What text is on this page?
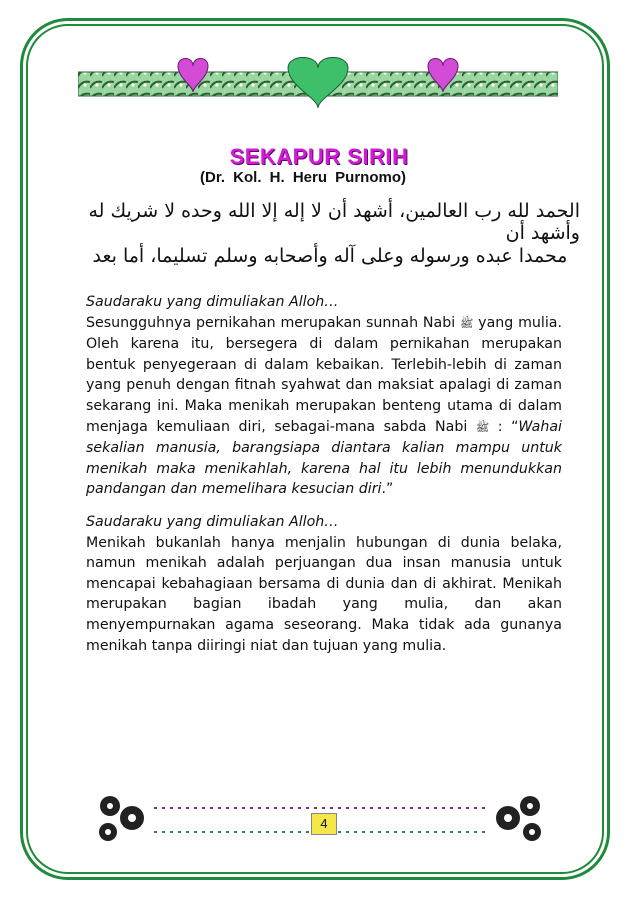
SEKAPUR SIRIH
(Dr. Kol. H. Heru Purnomo)
الحمد لله رب العالمين، أشهد أن لا إله إلا الله وحده لا شريك له وأشهد أن
محمدا عبده ورسوله وعلى آله وأصحابه وسلم تسليما، أما بعد

Saudaraku yang dimuliakan Alloh…
Sesungguhnya pernikahan merupakan sunnah Nabi ﷺ yang mulia. Oleh karena itu, bersegera di dalam pernikahan merupakan bentuk penyegeraan di dalam kebaikan. Terlebih-lebih di zaman yang penuh dengan fitnah syahwat dan maksiat apalagi di zaman sekarang ini. Maka menikah merupakan benteng utama di dalam menjaga kemuliaan diri, sebagai-mana sabda Nabi ﷺ : “Wahai sekalian manusia, barangsiapa diantara kalian mampu untuk menikah maka menikahlah, karena hal itu lebih menundukkan pandangan dan memelihara kesucian diri.”

Saudaraku yang dimuliakan Alloh…
Menikah bukanlah hanya menjalin hubungan di dunia belaka, namun menikah adalah perjuangan dua insan manusia untuk mencapai kebahagiaan bersama di dunia dan di akhirat. Menikah merupakan bagian ibadah yang mulia, dan akan menyempurnakan agama seseorang. Maka tidak ada gunanya menikah tanpa diiringi niat dan tujuan yang mulia.

4
